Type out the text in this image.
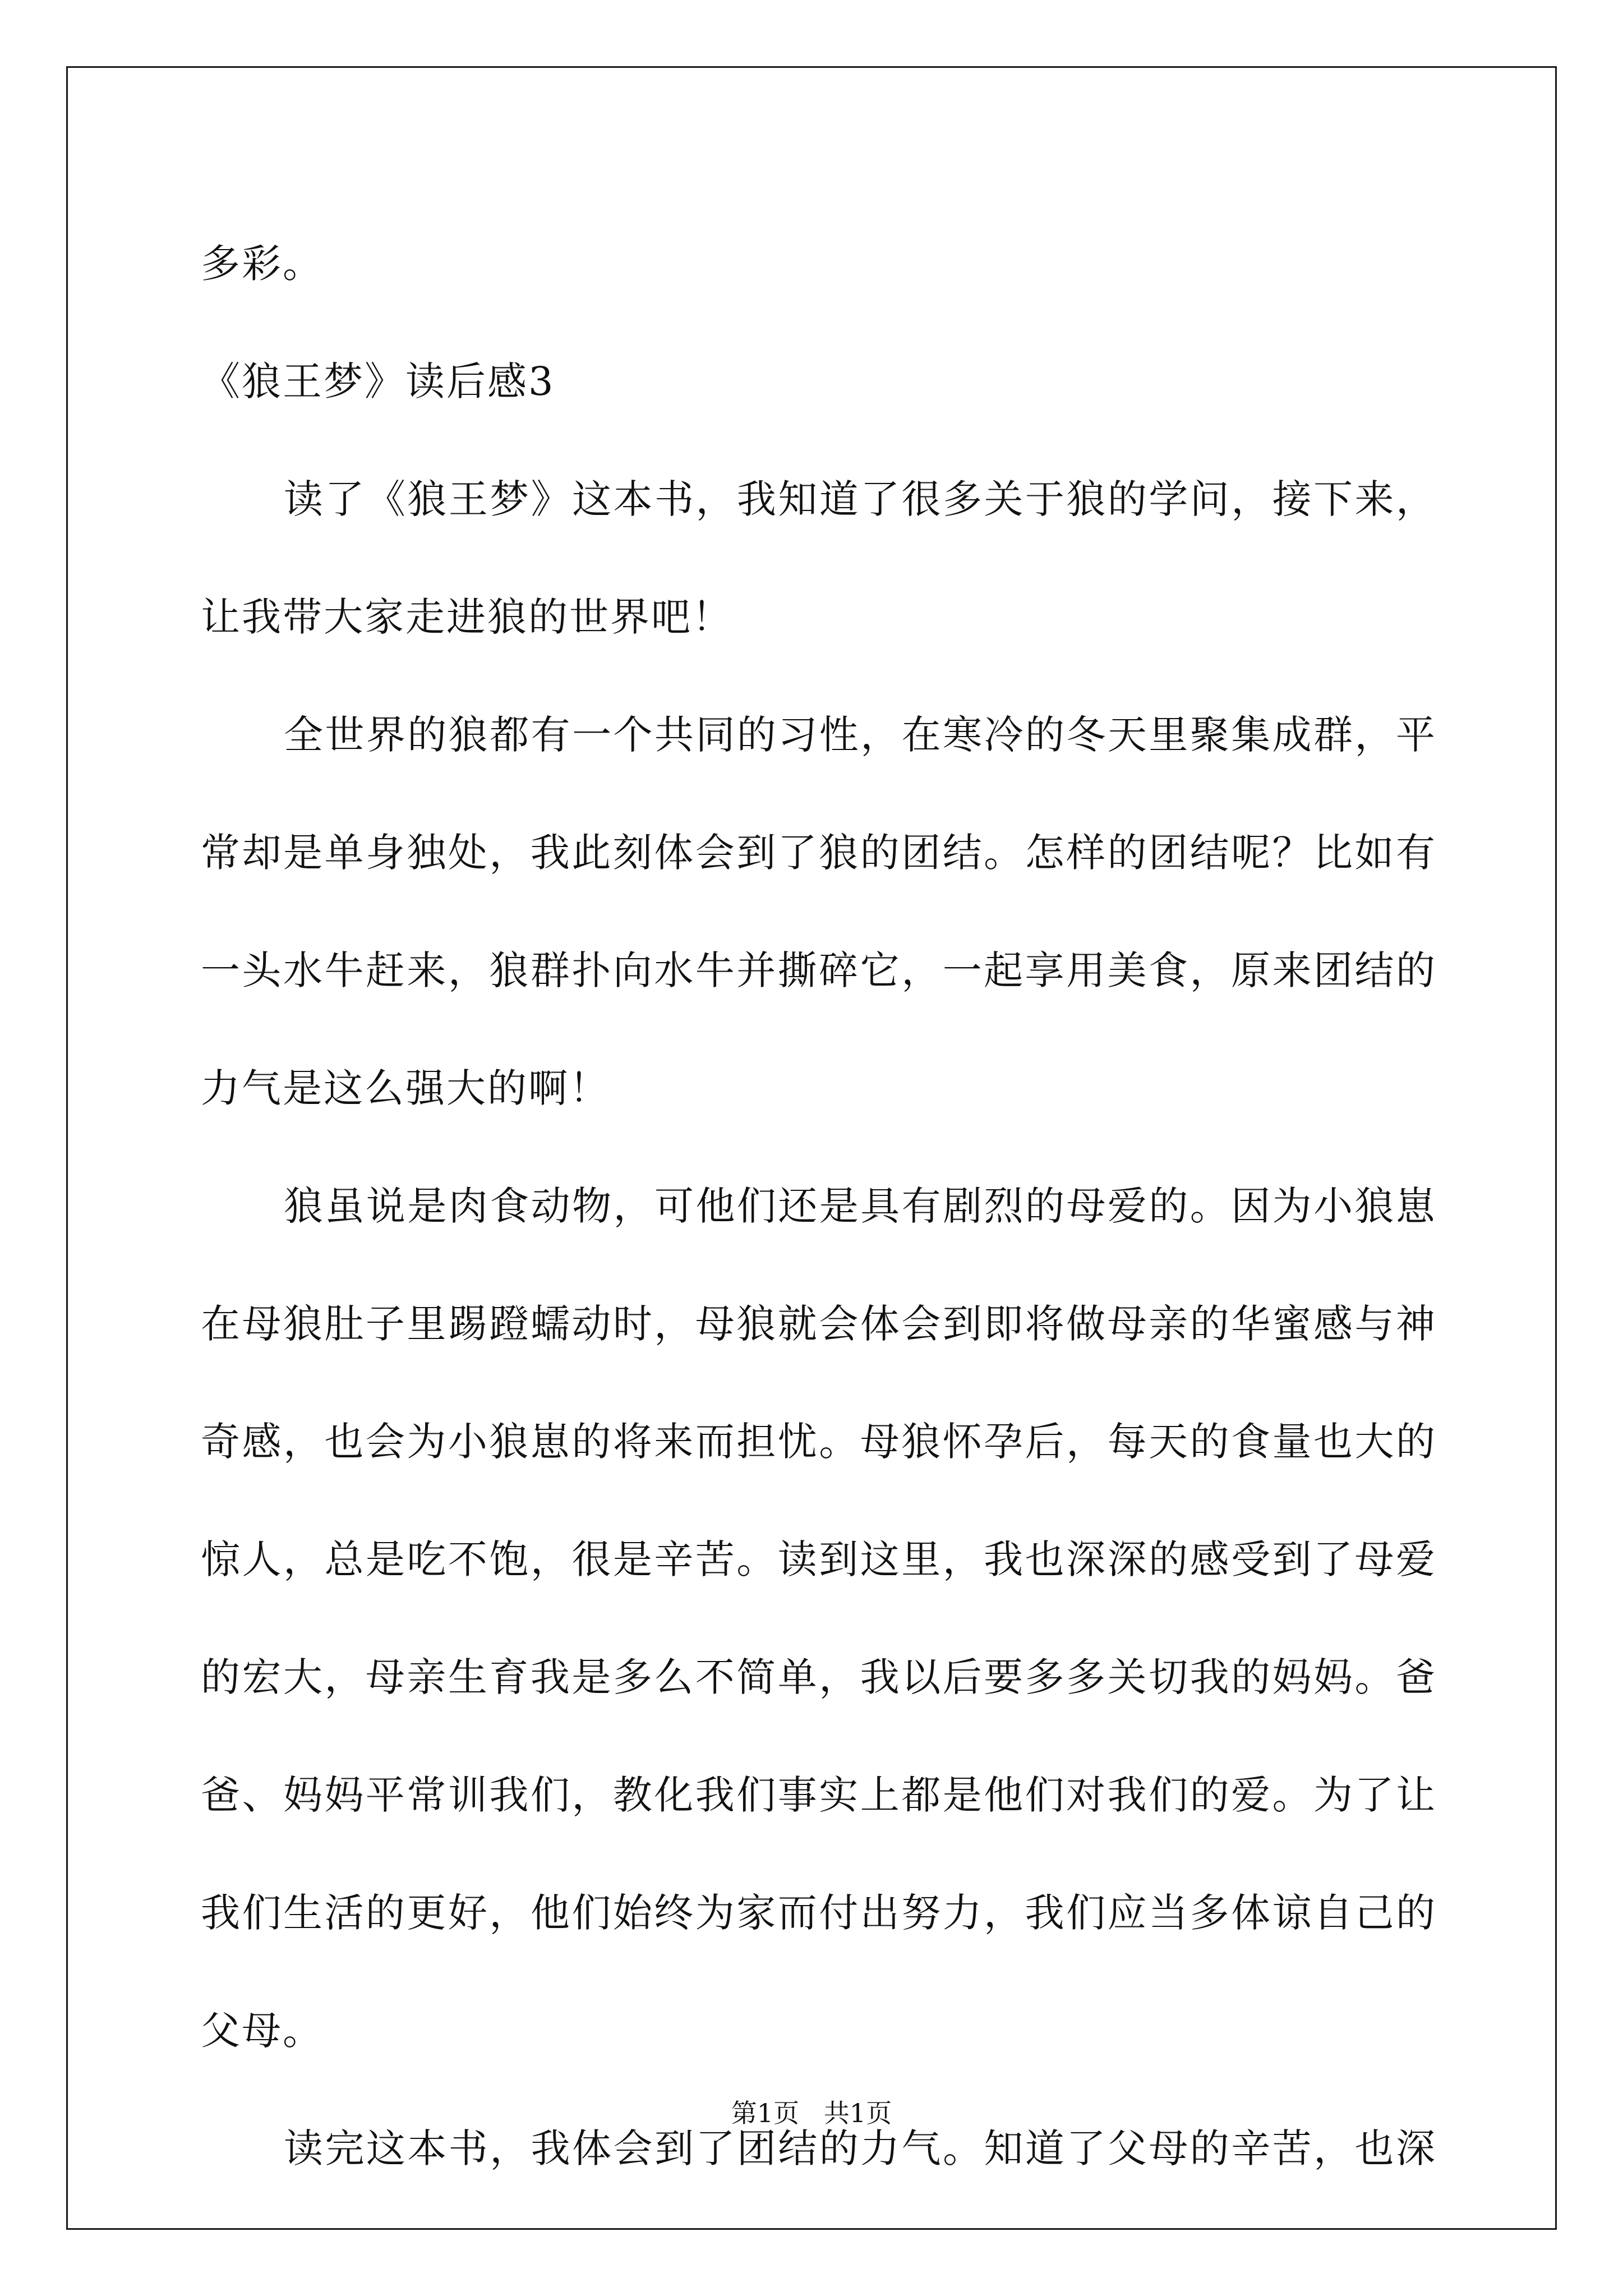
多彩。
《狼王梦》读后感3
读了《狼王梦》这本书，我知道了很多关于狼的学问，接下来，
让我带大家走进狼的世界吧！
全世界的狼都有一个共同的习性，在寒冷的冬天里聚集成群，平
常却是单身独处，我此刻体会到了狼的团结。怎样的团结呢？比如有
一头水牛赶来，狼群扑向水牛并撕碎它，一起享用美食，原来团结的
力气是这么强大的啊！
狼虽说是肉食动物，可他们还是具有剧烈的母爱的。因为小狼崽
在母狼肚子里踢蹬蠕动时，母狼就会体会到即将做母亲的华蜜感与神
奇感，也会为小狼崽的将来而担忧。母狼怀孕后，每天的食量也大的
惊人，总是吃不饱，很是辛苦。读到这里，我也深深的感受到了母爱
的宏大，母亲生育我是多么不简单，我以后要多多关切我的妈妈。爸
爸、妈妈平常训我们，教化我们事实上都是他们对我们的爱。为了让
我们生活的更好，他们始终为家而付出努力，我们应当多体谅自己的
父母。
读完这本书，我体会到了团结的力气。知道了父母的辛苦，也深
第1页   共1页
